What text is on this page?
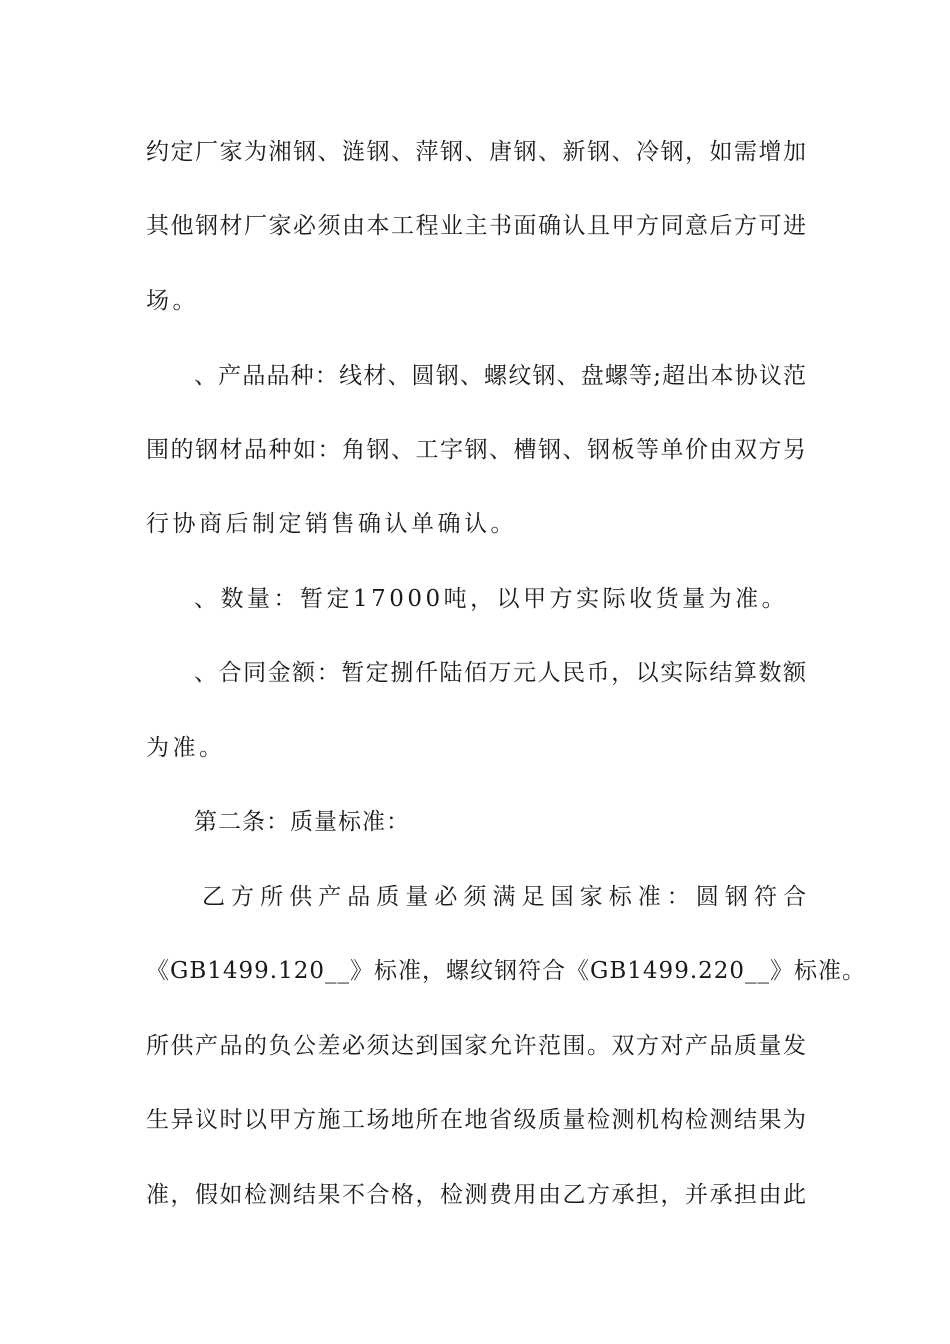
约定厂家为湘钢、涟钢、萍钢、唐钢、新钢、冷钢，如需增加
其他钢材厂家必须由本工程业主书面确认且甲方同意后方可进
场。
、产品品种：线材、圆钢、螺纹钢、盘螺等;超出本协议范
围的钢材品种如：角钢、工字钢、槽钢、钢板等单价由双方另
行协商后制定销售确认单确认。
、数量：暂定17000吨，以甲方实际收货量为准。
、合同金额：暂定捌仟陆佰万元人民币，以实际结算数额
为准。
第二条：质量标准：
乙方所供产品质量必须满足国家标准：圆钢符合
《GB1499.120__》标准，螺纹钢符合《GB1499.220__》标准。
所供产品的负公差必须达到国家允许范围。双方对产品质量发
生异议时以甲方施工场地所在地省级质量检测机构检测结果为
准，假如检测结果不合格，检测费用由乙方承担，并承担由此
